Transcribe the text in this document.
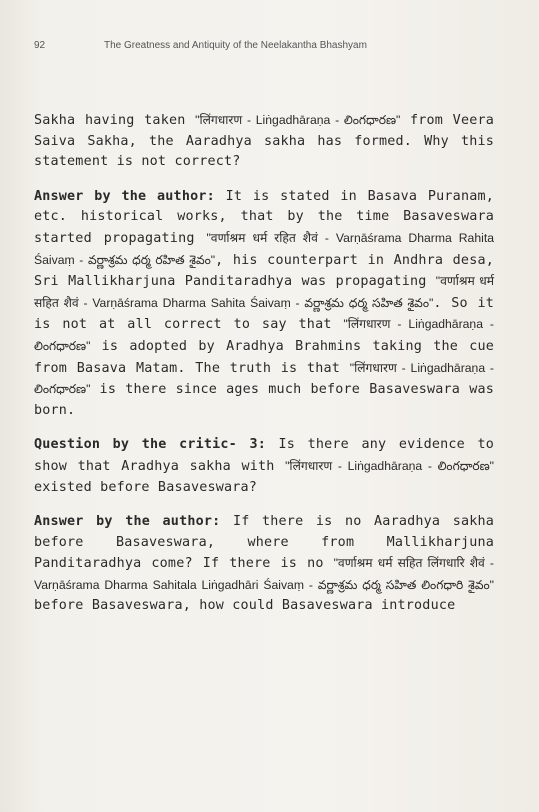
92	The Greatness and Antiquity of the Neelakantha Bhashyam

Sakha having taken "लिंगधारण - Liṅgadhāraṇa - లింగధారణ" from Veera Saiva Sakha, the Aaradhya sakha has formed. Why this statement is not correct?

Answer by the author: It is stated in Basava Puranam, etc. historical works, that by the time Basaveswara started propagating "वर्णाश्रम धर्म रहित शैवं - Varṇāśrama Dharma Rahita Śaivaṃ - వర్ణాశ్రమ ధర్మ రహిత శైవం", his counterpart in Andhra desa, Sri Mallikharjuna Panditaradhya was propagating "वर्णाश्रम धर्म सहित शैवं - Varṇāśrama Dharma Sahita Śaivaṃ - వర్ణాశ్రమ ధర్మ సహిత శైవం". So it is not at all correct to say that "लिंगधारण - Liṅgadhāraṇa - లింగధారణ" is adopted by Aradhya Brahmins taking the cue from Basava Matam. The truth is that "लिंगधारण - Liṅgadhāraṇa - లింగధారణ" is there since ages much before Basaveswara was born.

Question by the critic- 3: Is there any evidence to show that Aradhya sakha with "लिंगधारण - Liṅgadhāraṇa - లింగధారణ" existed before Basaveswara?

Answer by the author: If there is no Aaradhya sakha before Basaveswara, where from Mallikharjuna Panditaradhya come? If there is no "वर्णाश्रम धर्म सहित लिंगधारि शैवं - Varṇāśrama Dharma Sahitala Liṅgadhāri Śaivaṃ - వర్ణాశ్రమ ధర్మ సహిత లింగధారి శైవం" before Basaveswara, how could Basaveswara introduce
